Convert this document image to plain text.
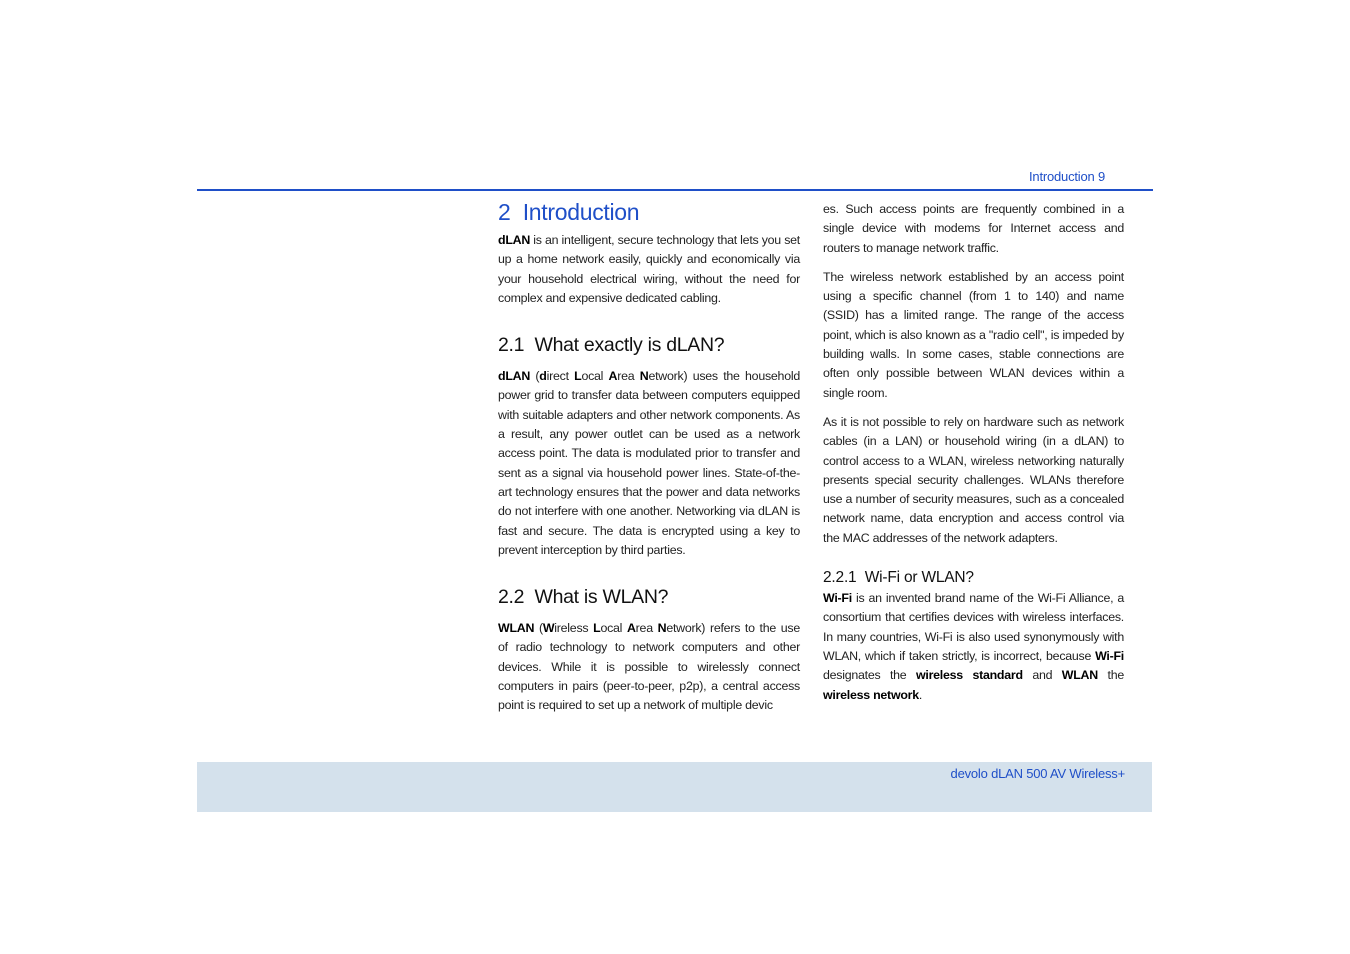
Introduction 9
2 Introduction

dLAN is an intelligent, secure technology that lets you set up a home network easily, quickly and economically via your household electrical wiring, without the need for complex and expensive dedicated cabling.

2.1 What exactly is dLAN?

dLAN (direct Local Area Network) uses the household power grid to transfer data between computers equipped with suitable adapters and other network components. As a result, any power outlet can be used as a network access point. The data is modulated prior to transfer and sent as a signal via household power lines. State-of-the-art technology ensures that the power and data networks do not interfere with one another. Networking via dLAN is fast and secure. The data is encrypted using a key to prevent interception by third parties.

2.2 What is WLAN?

WLAN (Wireless Local Area Network) refers to the use of radio technology to network computers and other devices. While it is possible to wirelessly connect computers in pairs (peer-to-peer, p2p), a central access point is required to set up a network of multiple devic

es. Such access points are frequently combined in a single device with modems for Internet access and routers to manage network traffic.

The wireless network established by an access point using a specific channel (from 1 to 140) and name (SSID) has a limited range. The range of the access point, which is also known as a "radio cell", is impeded by building walls. In some cases, stable connections are often only possible between WLAN devices within a single room.

As it is not possible to rely on hardware such as network cables (in a LAN) or household wiring (in a dLAN) to control access to a WLAN, wireless networking naturally presents special security challenges. WLANs therefore use a number of security measures, such as a concealed network name, data encryption and access control via the MAC addresses of the network adapters.

2.2.1 Wi-Fi or WLAN?

Wi-Fi is an invented brand name of the Wi-Fi Alliance, a consortium that certifies devices with wireless interfaces. In many countries, Wi-Fi is also used synonymously with WLAN, which if taken strictly, is incorrect, because Wi-Fi designates the wireless standard and WLAN the wireless network.

devolo dLAN 500 AV Wireless+
